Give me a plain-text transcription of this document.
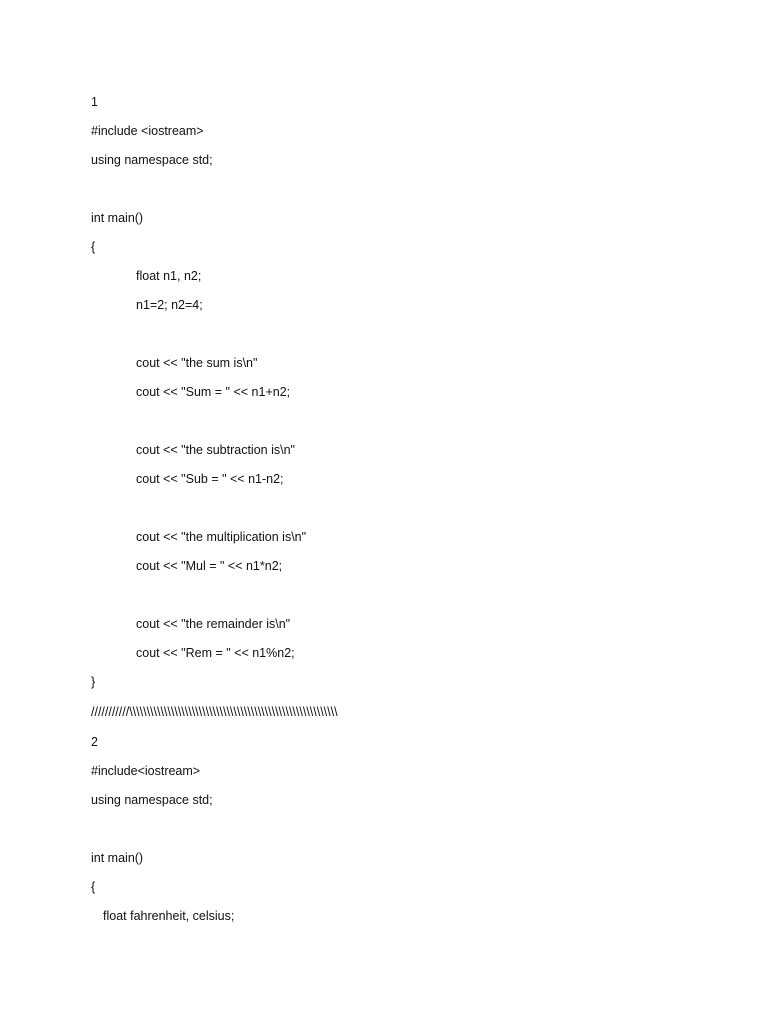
1
#include <iostream>
using namespace std;
int main()
{
float n1, n2;
n1=2; n2=4;
cout << "the sum is\n"
cout << "Sum = " << n1+n2;
cout << "the subtraction is\n"
cout << "Sub = " << n1-n2;
cout << "the multiplication is\n"
cout << "Mul = " << n1*n2;
cout << "the remainder is\n"
cout << "Rem = " << n1%n2;
}
///////////\\\\\\\\\\\\\\\\\\\\\\\\\\\\\\\\\\\\\\\\\\\\\\\\\\\\\\\\\\\\
2
#include<iostream>
using namespace std;
int main()
{
float fahrenheit, celsius;
